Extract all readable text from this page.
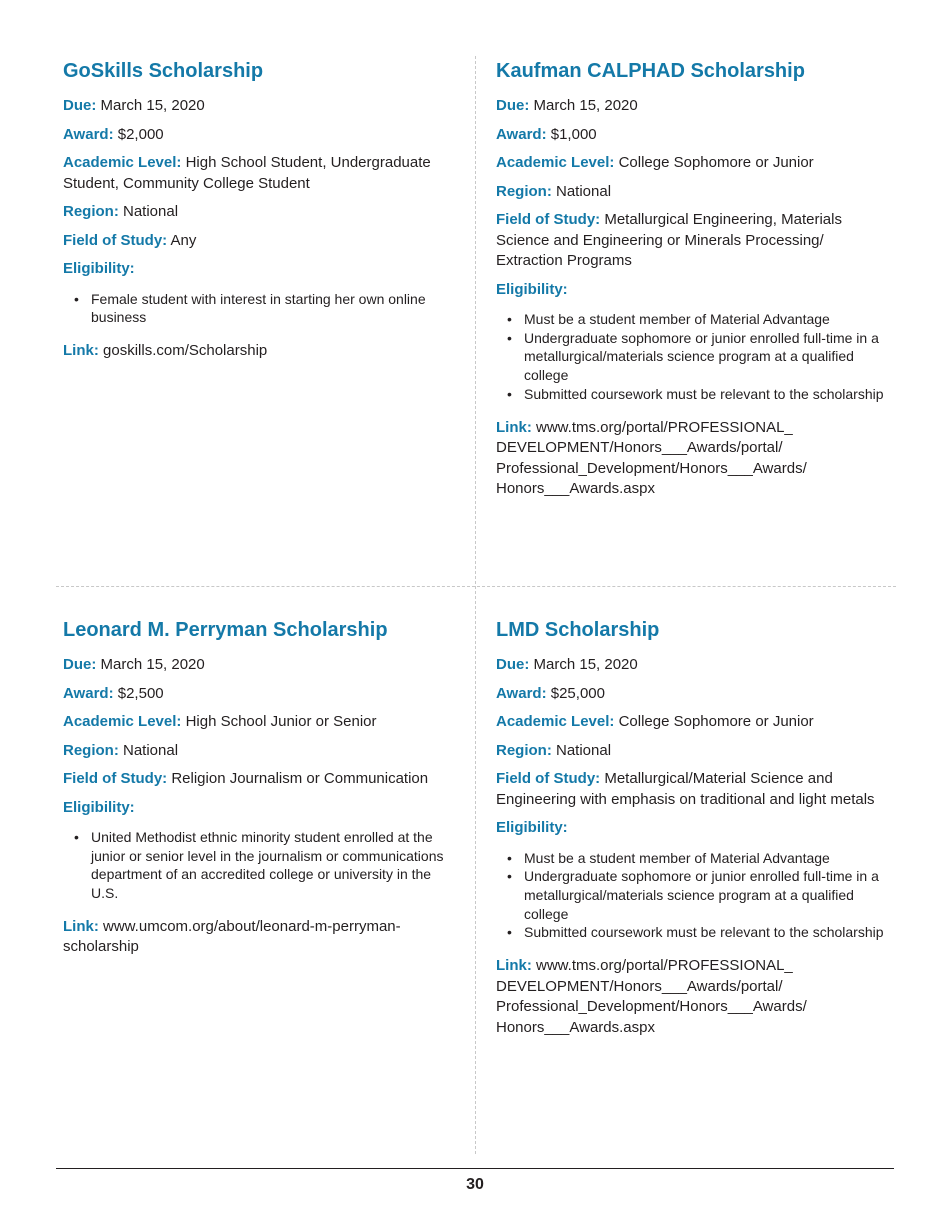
GoSkills Scholarship

Due: March 15, 2020

Award: $2,000

Academic Level: High School Student, Undergraduate Student, Community College Student

Region: National

Field of Study: Any

Eligibility:

• Female student with interest in starting her own online business

Link: goskills.com/Scholarship

Kaufman CALPHAD Scholarship

Due: March 15, 2020

Award: $1,000

Academic Level: College Sophomore or Junior

Region: National

Field of Study: Metallurgical Engineering, Materials Science and Engineering or Minerals Processing/ Extraction Programs

Eligibility:

• Must be a student member of Material Advantage
• Undergraduate sophomore or junior enrolled full-time in a metallurgical/materials science program at a qualified college
• Submitted coursework must be relevant to the scholarship

Link: www.tms.org/portal/PROFESSIONAL_ DEVELOPMENT/Honors___Awards/portal/ Professional_Development/Honors___Awards/ Honors___Awards.aspx

Leonard M. Perryman Scholarship

Due: March 15, 2020

Award: $2,500

Academic Level: High School Junior or Senior

Region: National

Field of Study: Religion Journalism or Communication

Eligibility:

• United Methodist ethnic minority student enrolled at the junior or senior level in the journalism or communications department of an accredited college or university in the U.S.

Link: www.umcom.org/about/leonard-m-perryman-scholarship

LMD Scholarship

Due: March 15, 2020

Award: $25,000

Academic Level: College Sophomore or Junior

Region: National

Field of Study: Metallurgical/Material Science and Engineering with emphasis on traditional and light metals

Eligibility:

• Must be a student member of Material Advantage
• Undergraduate sophomore or junior enrolled full-time in a metallurgical/materials science program at a qualified college
• Submitted coursework must be relevant to the scholarship

Link: www.tms.org/portal/PROFESSIONAL_ DEVELOPMENT/Honors___Awards/portal/ Professional_Development/Honors___Awards/ Honors___Awards.aspx

30
